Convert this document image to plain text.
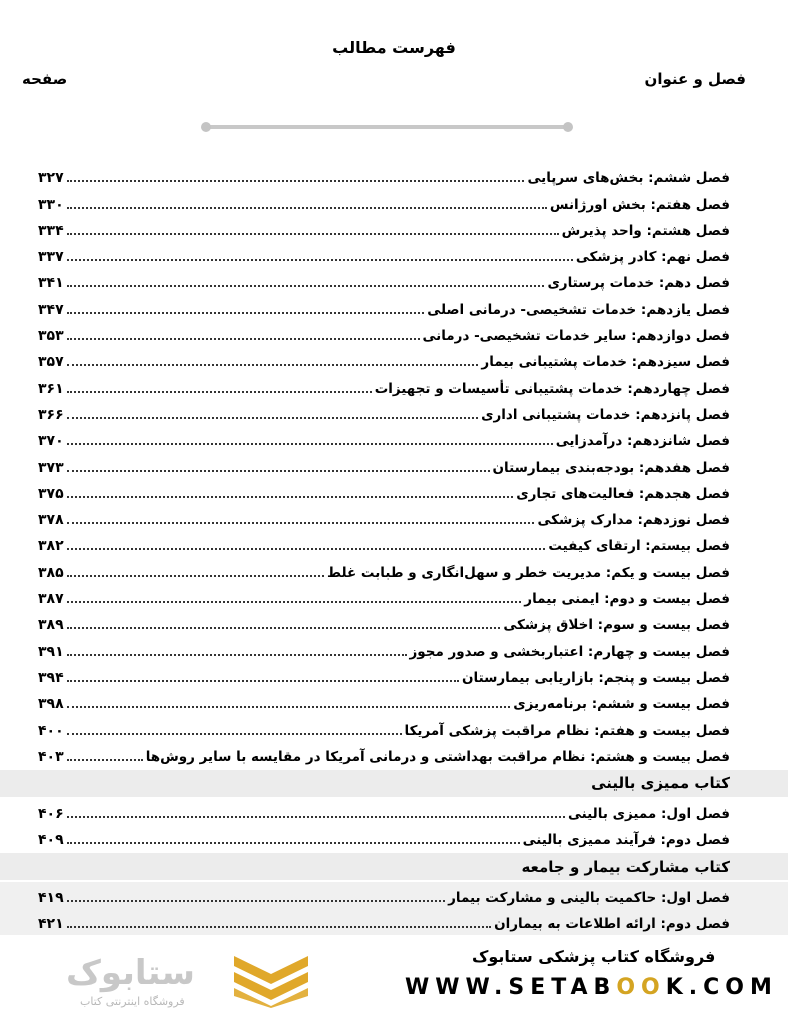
فهرست مطالب
فصل و عنوان
صفحه
فصل ششم: بخش‌های سرپایی
۳۲۷
فصل هفتم: بخش اورژانس
۳۳۰
فصل هشتم: واحد پذیرش
۳۳۴
فصل نهم: کادر پزشکی
۳۳۷
فصل دهم: خدمات پرستاری
۳۴۱
فصل یازدهم: خدمات تشخیصی- درمانی اصلی
۳۴۷
فصل دوازدهم: سایر خدمات تشخیصی- درمانی
۳۵۳
فصل سیزدهم: خدمات پشتیبانی بیمار
۳۵۷
فصل چهاردهم: خدمات پشتیبانی تأسیسات و تجهیزات
۳۶۱
فصل پانزدهم: خدمات پشتیبانی اداری
۳۶۶
فصل شانزدهم: درآمدزایی
۳۷۰
فصل هفدهم: بودجه‌بندی بیمارستان
۳۷۳
فصل هجدهم: فعالیت‌های تجاری
۳۷۵
فصل نوزدهم: مدارک پزشکی
۳۷۸
فصل بیستم: ارتقای کیفیت
۳۸۲
فصل بیست و یکم: مدیریت خطر و سهل‌انگاری و طبابت غلط
۳۸۵
فصل بیست و دوم: ایمنی بیمار
۳۸۷
فصل بیست و سوم: اخلاق پزشکی
۳۸۹
فصل بیست و چهارم: اعتباربخشی و صدور مجوز
۳۹۱
فصل بیست و پنجم: بازاریابی بیمارستان
۳۹۴
فصل بیست و ششم: برنامه‌ریزی
۳۹۸
فصل بیست و هفتم: نظام مراقبت پزشکی آمریکا
۴۰۰
فصل بیست و هشتم: نظام مراقبت بهداشتی و درمانی آمریکا در مقایسه با سایر روش‌ها
۴۰۳
کتاب ممیزی بالینی
فصل اول: ممیزی بالینی
۴۰۶
فصل دوم: فرآیند ممیزی بالینی
۴۰۹
کتاب مشارکت بیمار و جامعه
فصل اول: حاکمیت بالینی و مشارکت بیمار
۴۱۹
فصل دوم: ارائه اطلاعات به بیماران
۴۲۱
ستابوک
فروشگاه اینترنتی کتاب
فروشگاه کتاب پزشکی ستابوک
WWW.SETABOOK.COM
